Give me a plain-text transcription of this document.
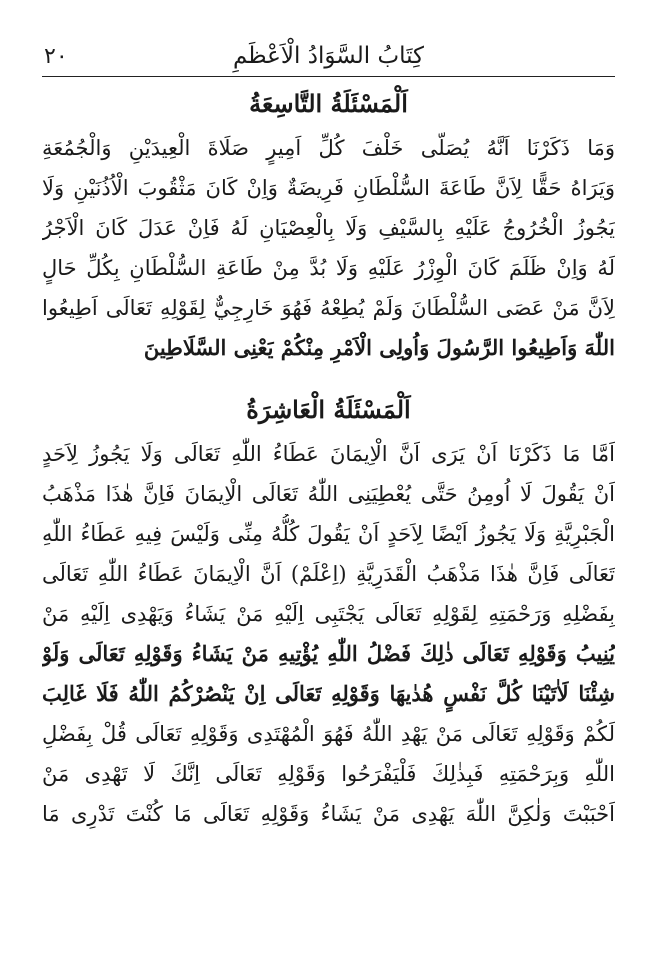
كِتَابُ السَّوَادُ الْاَعْظَمِ
٢٠
اَلْمَسْئَلَةُ التَّاسِعَةُ

وَمَا ذَكَرْنَا اَنَّهُ يُصَلّى خَلْفَ كُلِّ اَمِيرٍ صَلَاةَ الْعِيدَيْنِ وَالْجُمُعَةِ
وَيَرَاهُ حَقًّا لِاَنَّ طَاعَةَ السُّلْطَانِ فَرِيضَةٌ وَاِنْ كَانَ مَثْقُوبَ الْاُذُنَيْنِ وَلَا
يَجُوزُ الْخُرُوجُ عَلَيْهِ بِالسَّيْفِ وَلَا بِالْعِصْيَانِ لَهُ فَاِنْ عَدَلَ كَانَ الْاَجْرُ
لَهُ وَاِنْ ظَلَمَ كَانَ الْوِزْرُ عَلَيْهِ وَلَا بُدَّ مِنْ طَاعَةِ السُّلْطَانِ بِكُلِّ حَالٍ
لِاَنَّ مَنْ عَصَى السُّلْطَانَ وَلَمْ يُطِعْهُ فَهُوَ خَارِجِيٌّ لِقَوْلِهِ تَعَالَى اَطِيعُوا
اللّٰهَ وَاَطِيعُوا الرَّسُولَ وَاُولِى الْاَمْرِ مِنْكُمْ يَعْنِى السَّلَاطِينَ

اَلْمَسْئَلَةُ الْعَاشِرَةُ

اَمَّا مَا ذَكَرْنَا اَنْ يَرَى اَنَّ الْاِيمَانَ عَطَاءُ اللّٰهِ تَعَالَى وَلَا يَجُوزُ لِاَحَدٍ
اَنْ يَقُولَ لَا اُومِنُ حَتَّى يُعْطِيَنِى اللّٰهُ تَعَالَى الْاِيمَانَ فَاِنَّ هٰذَا مَذْهَبُ
الْجَبْرِيَّةِ وَلَا يَجُوزُ اَيْضًا لِاَحَدٍ اَنْ يَقُولَ كُلُّهُ مِنِّى وَلَيْسَ فِيهِ عَطَاءُ اللّٰهِ
تَعَالَى فَاِنَّ هٰذَا مَذْهَبُ الْقَدَرِيَّةِ (اِعْلَمْ) اَنَّ الْاِيمَانَ عَطَاءُ اللّٰهِ تَعَالَى
بِفَضْلِهِ وَرَحْمَتِهِ لِقَوْلِهِ تَعَالَى يَجْتَبِى اِلَيْهِ مَنْ يَشَاءُ وَيَهْدِى اِلَيْهِ مَنْ
يُنِيبُ وَقَوْلِهِ تَعَالَى ذٰلِكَ فَضْلُ اللّٰهِ يُؤْتِيهِ مَنْ يَشَاءُ وَقَوْلِهِ تَعَالَى وَلَوْ
شِئْنَا لَاٰتَيْنَا كُلَّ نَفْسٍ هُدٰيهَا وَقَوْلِهِ تَعَالَى اِنْ يَنْصُرْكُمُ اللّٰهُ فَلَا غَالِبَ
لَكُمْ وَقَوْلِهِ تَعَالَى مَنْ يَهْدِ اللّٰهُ فَهُوَ الْمُهْتَدِى وَقَوْلِهِ تَعَالَى قُلْ بِفَضْلِ
اللّٰهِ وَبِرَحْمَتِهِ فَبِذٰلِكَ فَلْيَفْرَحُوا وَقَوْلِهِ تَعَالَى اِنَّكَ لَا تَهْدِى مَنْ
اَحْبَبْتَ وَلٰكِنَّ اللّٰهَ يَهْدِى مَنْ يَشَاءُ وَقَوْلِهِ تَعَالَى مَا كُنْتَ تَدْرِى مَا
